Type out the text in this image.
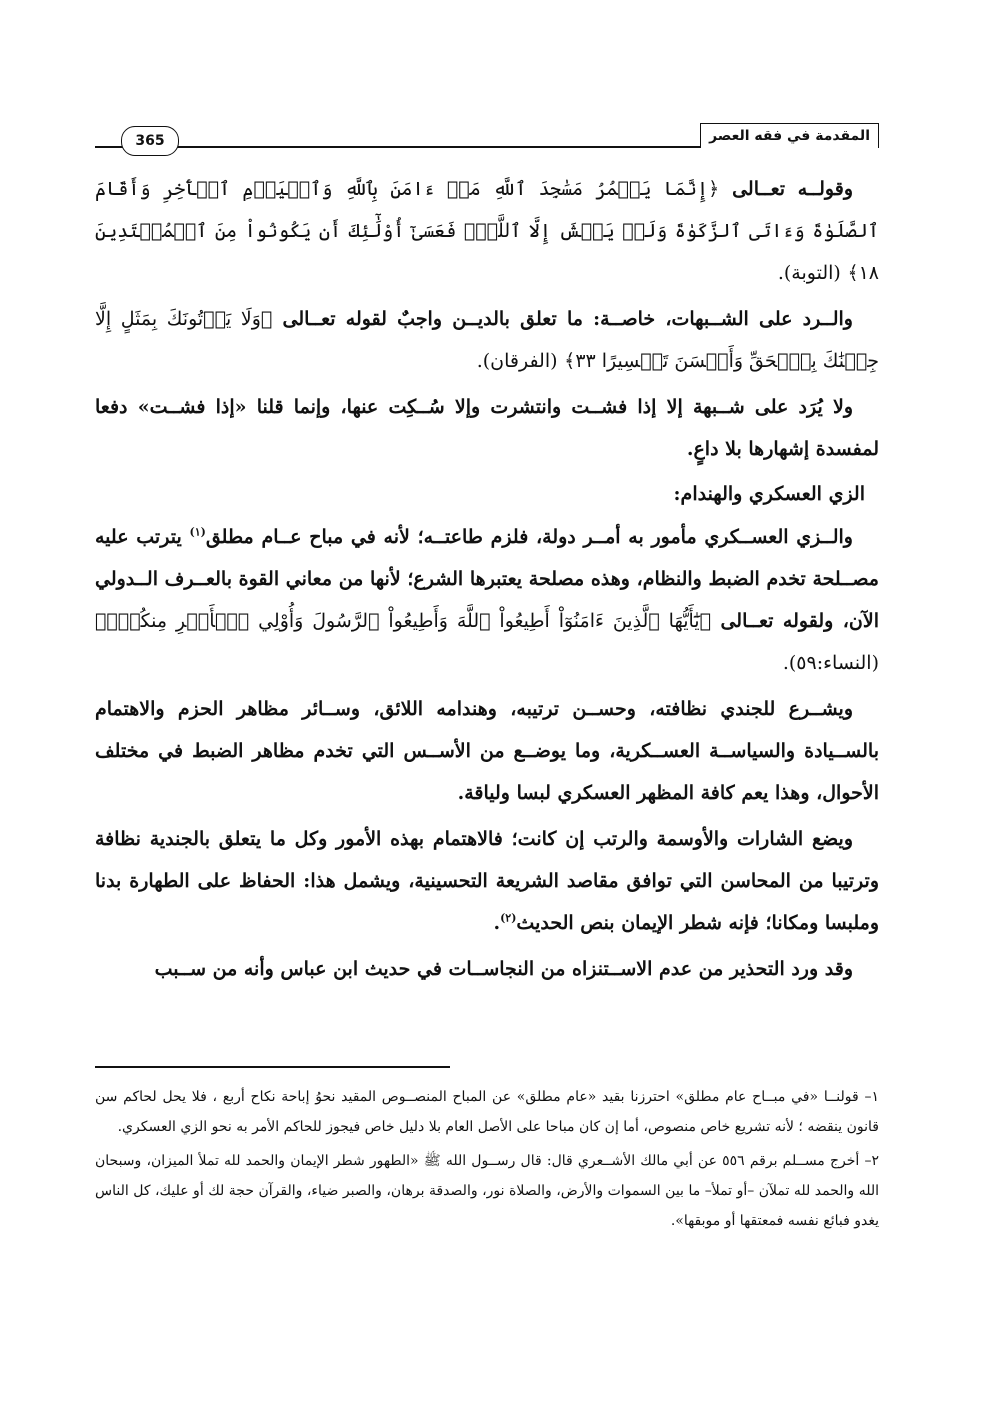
المقدمة في فقه العصر
365

وقولــه تعــالى ﴿إِنَّمَا يَعۡمُرُ مَسَٰجِدَ ٱللَّهِ مَنۡ ءَامَنَ بِٱللَّهِ وَٱلۡيَوۡمِ ٱلۡأٓخِرِ وَأَقَامَ ٱلصَّلَوٰةَ وَءَاتَى ٱلزَّكَوٰةَ وَلَمۡ يَخۡشَ إِلَّا ٱللَّهَۖ فَعَسَىٰٓ أُوْلَٰٓئِكَ أَن يَكُونُواْ مِنَ ٱلۡمُهۡتَدِينَ ١٨﴾ (التوبة).

والــرد على الشــبهات، خاصــة: ما تعلق بالديــن واجبٌ لقوله تعــالى ﴿وَلَا يَأۡتُونَكَ بِمَثَلٍ إِلَّا جِئۡنَٰكَ بِٱلۡحَقِّ وَأَحۡسَنَ تَفۡسِيرًا ٣٣﴾ (الفرقان).

ولا يُرَد على شــبهة إلا إذا فشــت وانتشرت وإلا سُــكِت عنها، وإنما قلنا «إذا فشــت» دفعا لمفسدة إشهارها بلا داعٍ.

الزي العسكري والهندام:

والــزي العســكري مأمور به أمــر دولة، فلزم طاعتــه؛ لأنه في مباح عــام مطلق$^{(١)}$ يترتب عليه مصــلحة تخدم الضبط والنظام، وهذه مصلحة يعتبرها الشرع؛ لأنها من معاني القوة بالعــرف الــدولي الآن، ولقوله تعــالى ﴿يَٰٓأَيُّهَا ٱلَّذِينَ ءَامَنُوٓاْ أَطِيعُواْ ٱللَّهَ وَأَطِيعُواْ ٱلرَّسُولَ وَأُوْلِي ٱلۡأَمۡرِ مِنكُمۡۖ﴾ (النساء:٥٩).

ويشــرع للجندي نظافته، وحســن ترتيبه، وهندامه اللائق، وســائر مظاهر الحزم والاهتمام بالســيادة والسياســة العســكرية، وما يوضــع من الأســس التي تخدم مظاهر الضبط في مختلف الأحوال، وهذا يعم كافة المظهر العسكري لبسا ولياقة.

ويضع الشارات والأوسمة والرتب إن كانت؛ فالاهتمام بهذه الأمور وكل ما يتعلق بالجندية نظافة وترتيبا من المحاسن التي توافق مقاصد الشريعة التحسينية، ويشمل هذا: الحفاظ على الطهارة بدنا وملبسا ومكانا؛ فإنه شطر الإيمان بنص الحديث$^{(٢)}$.

وقد ورد التحذير من عدم الاســتنزاه من النجاســات في حديث ابن عباس وأنه من ســبب

١– قولنــا «في مبــاح عام مطلق» احترزنا بقيد «عام مطلق» عن المباح المنصــوص المقيد نحوُ إباحة نكاح أربع ، فلا يحل لحاكم سن قانون ينقضه ؛ لأنه تشريع خاص منصوص، أما إن كان مباحا على الأصل العام بلا دليل خاص فيجوز للحاكم الأمر به نحو الزي العسكري.

٢– أخرج مســلم برقم ٥٥٦ عن أبي مالك الأشــعري قال: قال رســول الله ﷺ «الطهور شطر الإيمان والحمد لله تملأ الميزان، وسبحان الله والحمد لله تملآن –أو تملأ– ما بين السموات والأرض، والصلاة نور، والصدقة برهان، والصبر ضياء، والقرآن حجة لك أو عليك، كل الناس يغدو فبائع نفسه فمعتقها أو موبقها».
